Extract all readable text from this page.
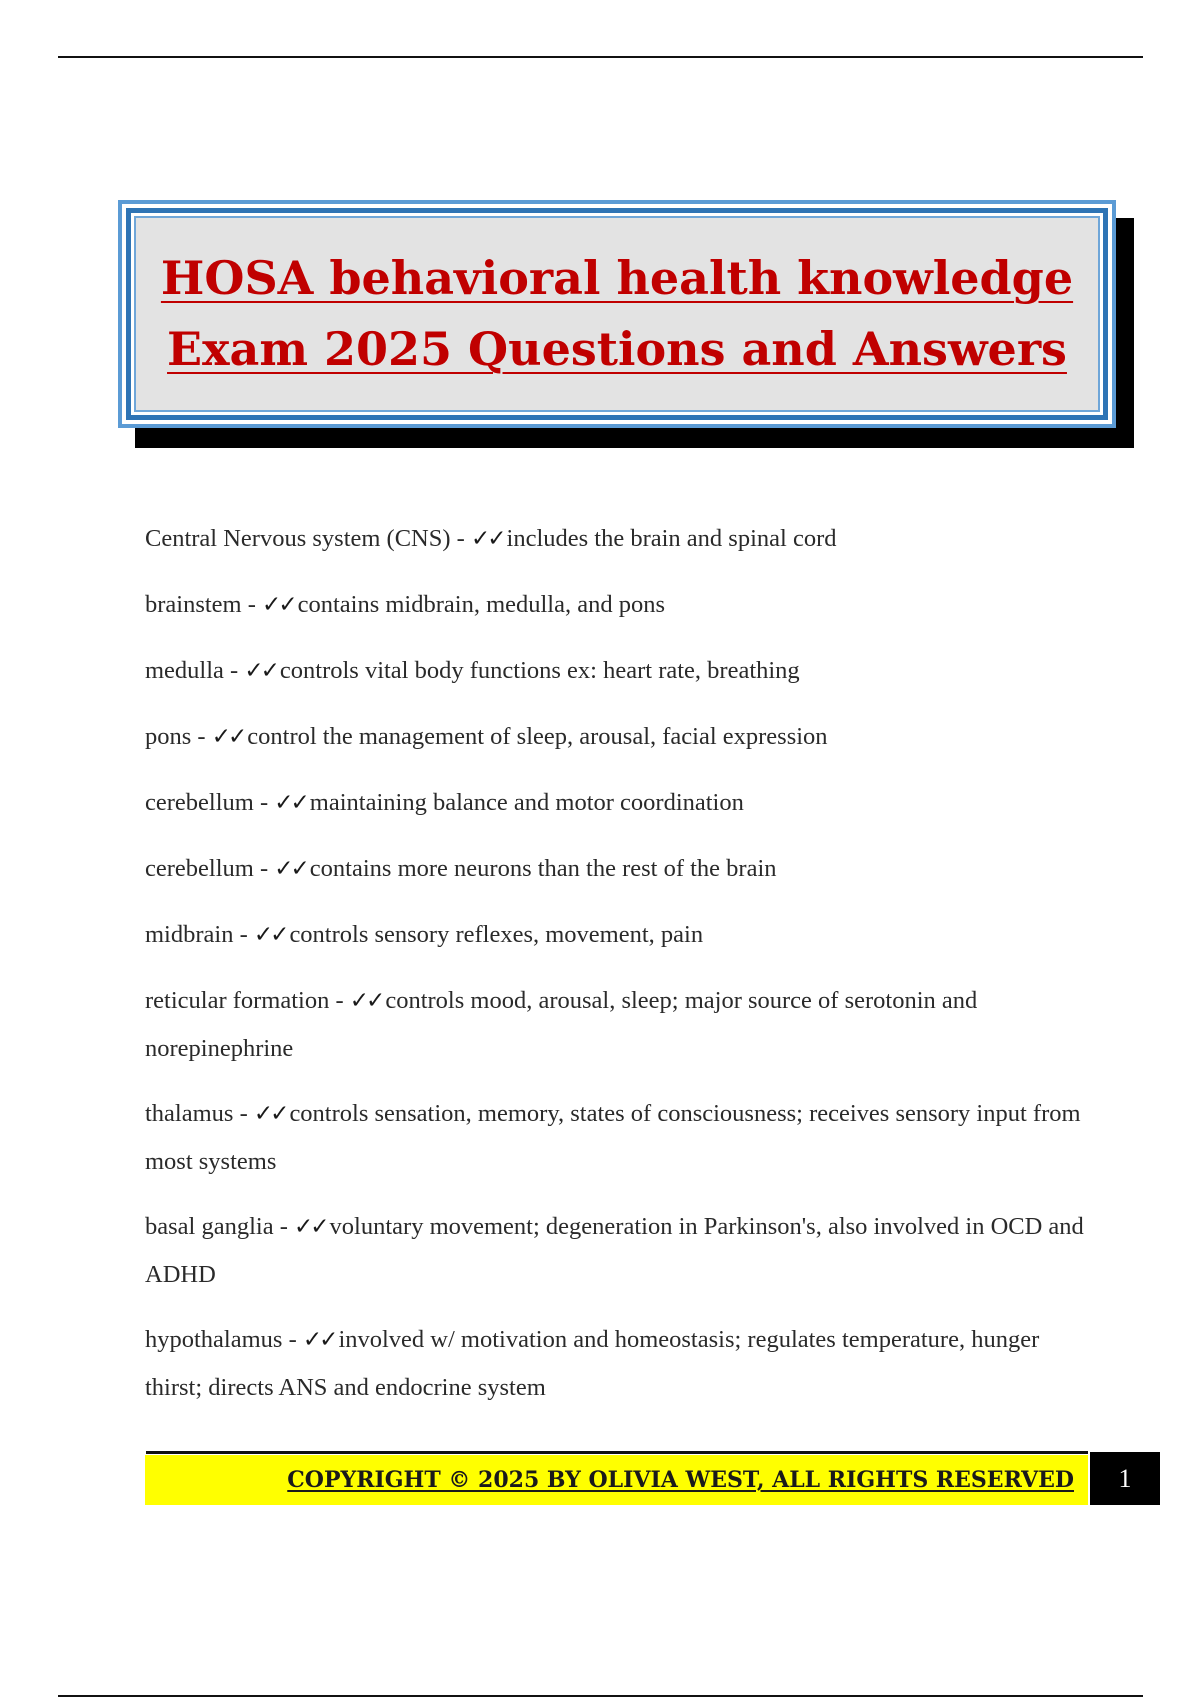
HOSA behavioral health knowledge
Exam 2025 Questions and Answers
Central Nervous system (CNS) - ✓✓ includes the brain and spinal cord
brainstem - ✓✓ contains midbrain, medulla, and pons
medulla - ✓✓ controls vital body functions ex: heart rate, breathing
pons - ✓✓ control the management of sleep, arousal, facial expression
cerebellum - ✓✓ maintaining balance and motor coordination
cerebellum - ✓✓ contains more neurons than the rest of the brain
midbrain - ✓✓ controls sensory reflexes, movement, pain
reticular formation - ✓✓ controls mood, arousal, sleep; major source of serotonin and norepinephrine
thalamus - ✓✓ controls sensation, memory, states of consciousness; receives sensory input from most systems
basal ganglia - ✓✓ voluntary movement; degeneration in Parkinson's, also involved in OCD and ADHD
hypothalamus - ✓✓ involved w/ motivation and homeostasis; regulates temperature, hunger thirst; directs ANS and endocrine system
COPYRIGHT © 2025 BY OLIVIA WEST, ALL RIGHTS RESERVED 1
